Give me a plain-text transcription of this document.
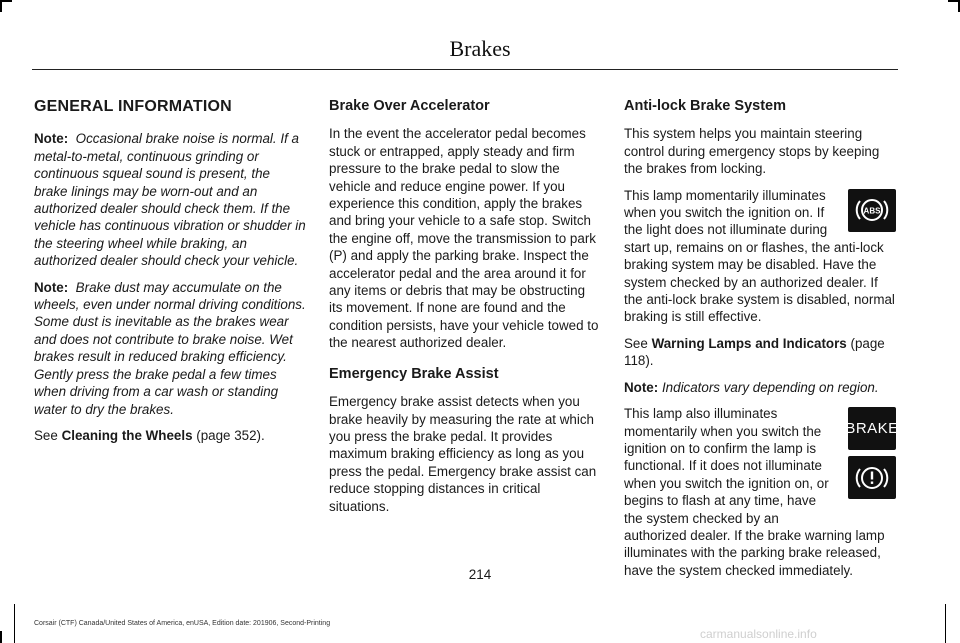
Brakes
GENERAL INFORMATION

Note: Occasional brake noise is normal. If a metal-to-metal, continuous grinding or continuous squeal sound is present, the brake linings may be worn-out and an authorized dealer should check them. If the vehicle has continuous vibration or shudder in the steering wheel while braking, an authorized dealer should check your vehicle.

Note: Brake dust may accumulate on the wheels, even under normal driving conditions. Some dust is inevitable as the brakes wear and does not contribute to brake noise. Wet brakes result in reduced braking efficiency. Gently press the brake pedal a few times when driving from a car wash or standing water to dry the brakes.

See Cleaning the Wheels (page 352).

Brake Over Accelerator

In the event the accelerator pedal becomes stuck or entrapped, apply steady and firm pressure to the brake pedal to slow the vehicle and reduce engine power. If you experience this condition, apply the brakes and bring your vehicle to a safe stop. Switch the engine off, move the transmission to park (P) and apply the parking brake. Inspect the accelerator pedal and the area around it for any items or debris that may be obstructing its movement. If none are found and the condition persists, have your vehicle towed to the nearest authorized dealer.

Emergency Brake Assist

Emergency brake assist detects when you brake heavily by measuring the rate at which you press the brake pedal. It provides maximum braking efficiency as long as you press the pedal. Emergency brake assist can reduce stopping distances in critical situations.

Anti-lock Brake System

This system helps you maintain steering control during emergency stops by keeping the brakes from locking.

ABS

This lamp momentarily illuminates when you switch the ignition on. If the light does not illuminate during start up, remains on or flashes, the anti-lock braking system may be disabled. Have the system checked by an authorized dealer. If the anti-lock brake system is disabled, normal braking is still effective.

See Warning Lamps and Indicators (page 118).

Note: Indicators vary depending on region.

BRAKE

This lamp also illuminates momentarily when you switch the ignition on to confirm the lamp is functional. If it does not illuminate when you switch the ignition on, or begins to flash at any time, have the system checked by an authorized dealer. If the brake warning lamp illuminates with the parking brake released, have the system checked immediately.

214
Corsair (CTF) Canada/United States of America, enUSA, Edition date: 201906, Second-Printing
carmanualsonline.info
